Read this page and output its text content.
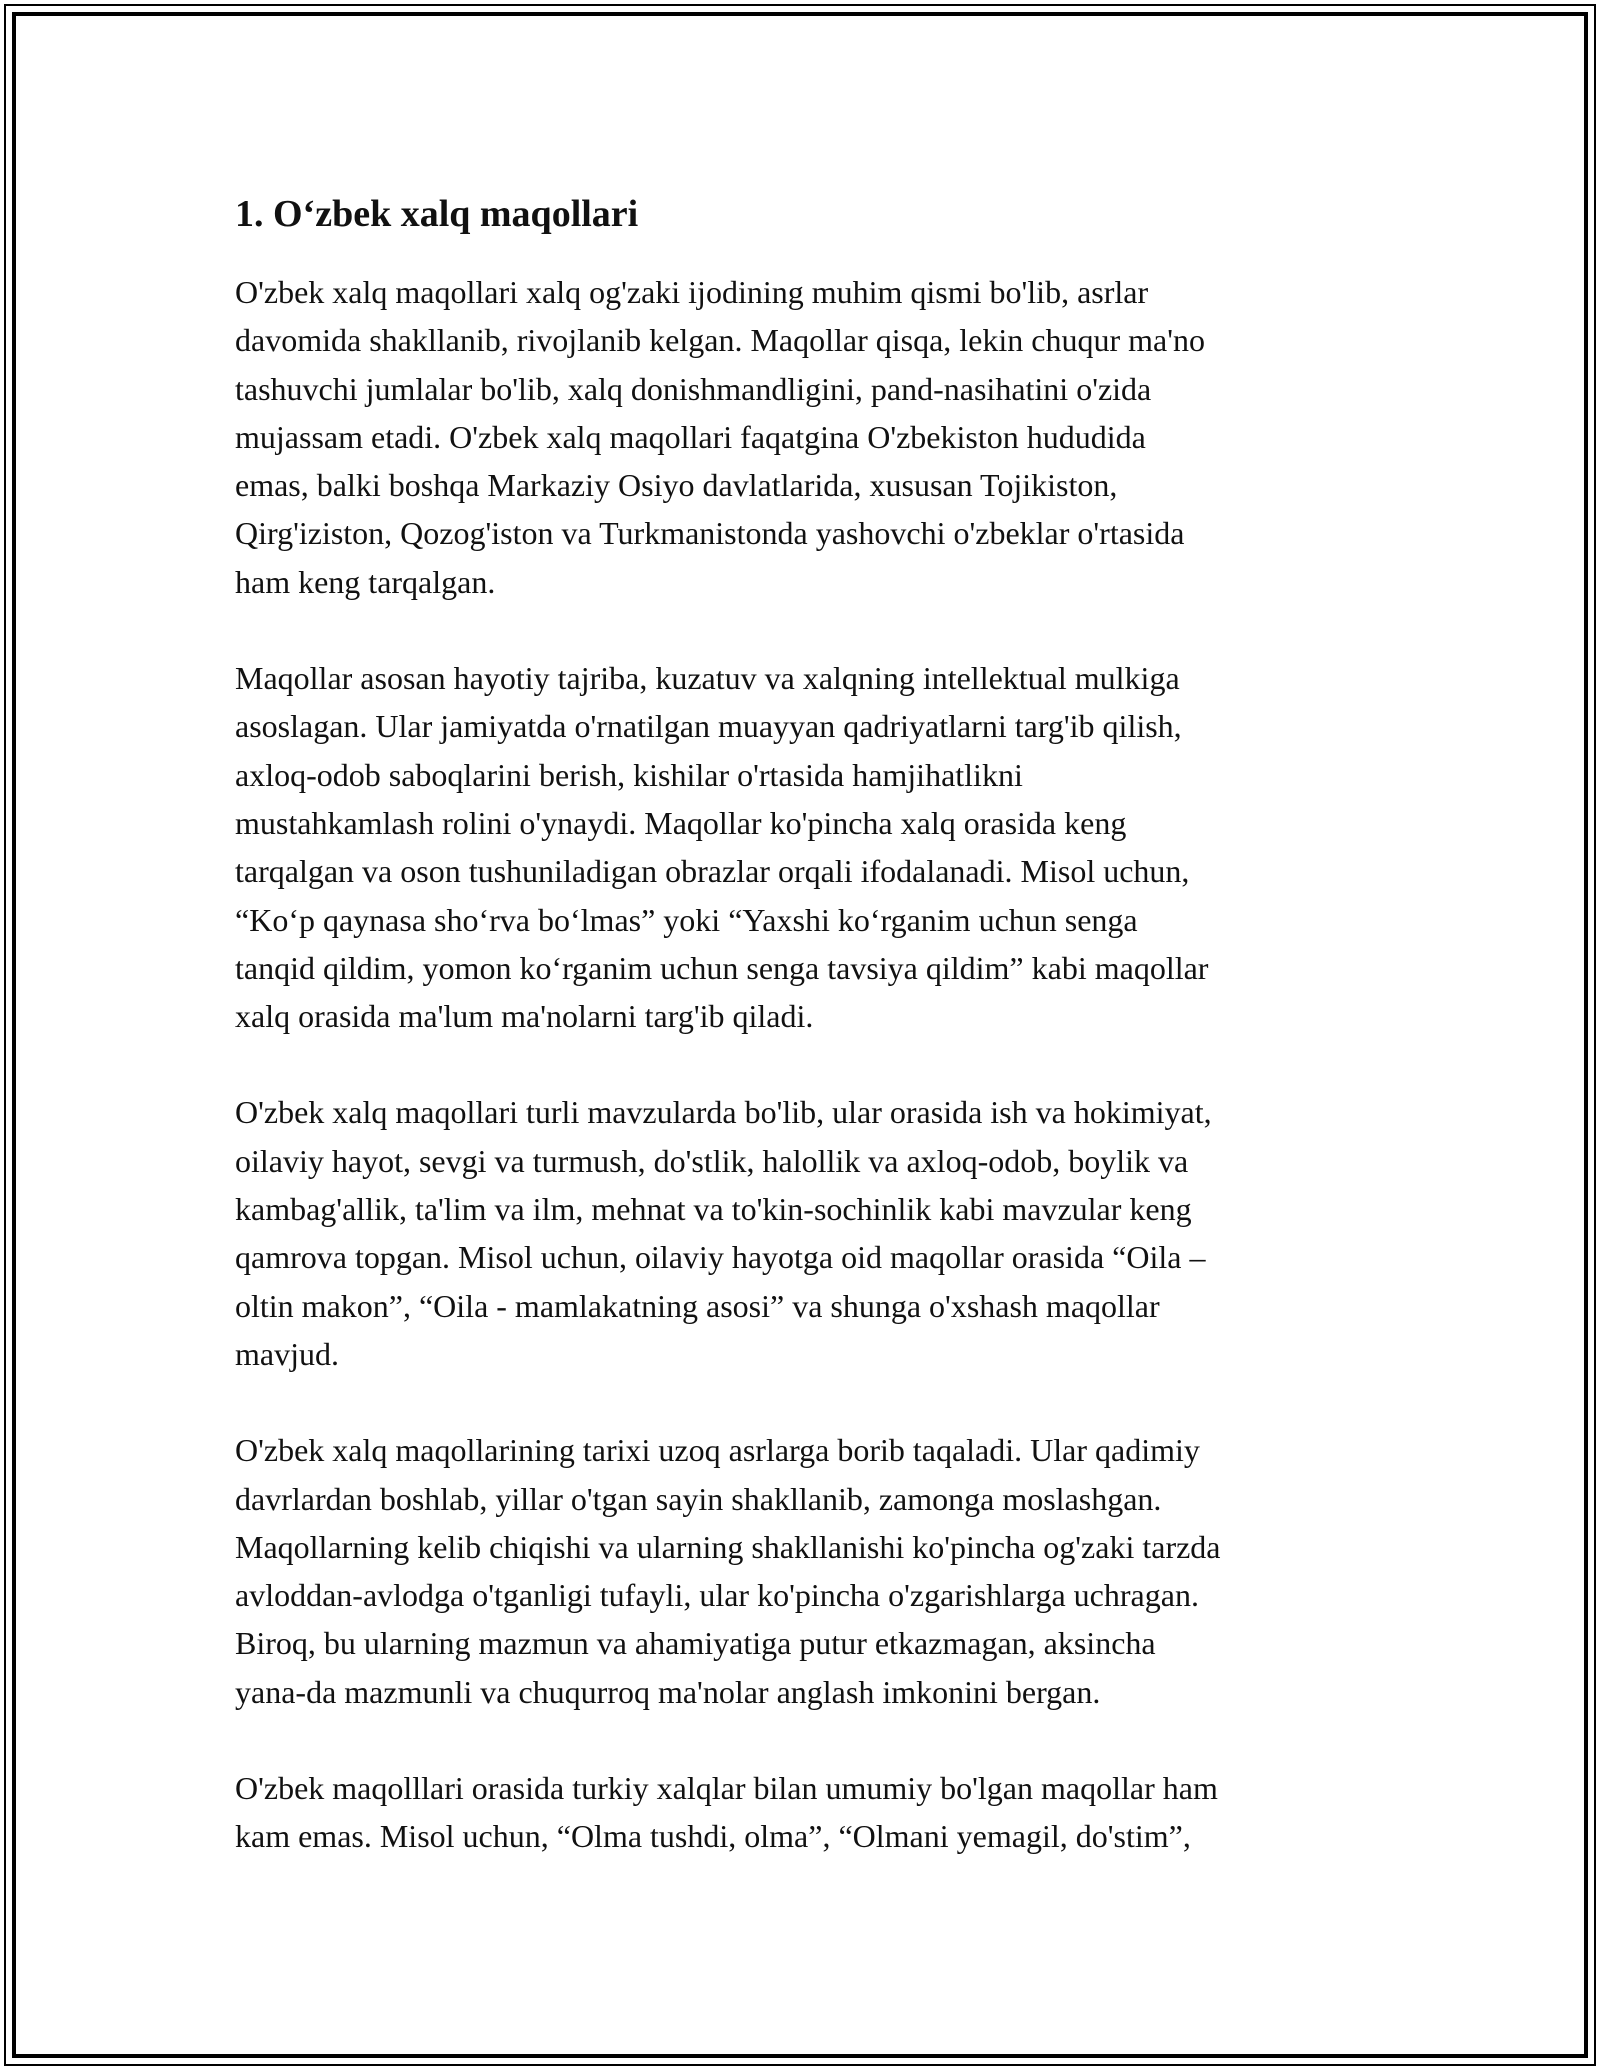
1. O‘zbek xalq maqollari

O'zbek xalq maqollari xalq og'zaki ijodining muhim qismi bo'lib, asrlar
davomida shakllanib, rivojlanib kelgan. Maqollar qisqa, lekin chuqur ma'no
tashuvchi jumlalar bo'lib, xalq donishmandligini, pand-nasihatini o'zida
mujassam etadi. O'zbek xalq maqollari faqatgina O'zbekiston hududida
emas, balki boshqa Markaziy Osiyo davlatlarida, xususan Tojikiston,
Qirg'iziston, Qozog'iston va Turkmanistonda yashovchi o'zbeklar o'rtasida
ham keng tarqalgan.

Maqollar asosan hayotiy tajriba, kuzatuv va xalqning intellektual mulkiga
asoslagan. Ular jamiyatda o'rnatilgan muayyan qadriyatlarni targ'ib qilish,
axloq-odob saboqlarini berish, kishilar o'rtasida hamjihatlikni
mustahkamlash rolini o'ynaydi. Maqollar ko'pincha xalq orasida keng
tarqalgan va oson tushuniladigan obrazlar orqali ifodalanadi. Misol uchun,
“Ko‘p qaynasa sho‘rva bo‘lmas” yoki “Yaxshi ko‘rganim uchun senga
tanqid qildim, yomon ko‘rganim uchun senga tavsiya qildim” kabi maqollar
xalq orasida ma'lum ma'nolarni targ'ib qiladi.

O'zbek xalq maqollari turli mavzularda bo'lib, ular orasida ish va hokimiyat,
oilaviy hayot, sevgi va turmush, do'stlik, halollik va axloq-odob, boylik va
kambag'allik, ta'lim va ilm, mehnat va to'kin-sochinlik kabi mavzular keng
qamrova topgan. Misol uchun, oilaviy hayotga oid maqollar orasida “Oila –
oltin makon”, “Oila - mamlakatning asosi” va shunga o'xshash maqollar
mavjud.

O'zbek xalq maqollarining tarixi uzoq asrlarga borib taqaladi. Ular qadimiy
davrlardan boshlab, yillar o'tgan sayin shakllanib, zamonga moslashgan.
Maqollarning kelib chiqishi va ularning shakllanishi ko'pincha og'zaki tarzda
avloddan-avlodga o'tganligi tufayli, ular ko'pincha o'zgarishlarga uchragan.
Biroq, bu ularning mazmun va ahamiyatiga putur etkazmagan, aksincha
yana-da mazmunli va chuqurroq ma'nolar anglash imkonini bergan.

O'zbek maqolllari orasida turkiy xalqlar bilan umumiy bo'lgan maqollar ham
kam emas. Misol uchun, “Olma tushdi, olma”, “Olmani yemagil, do'stim”,
